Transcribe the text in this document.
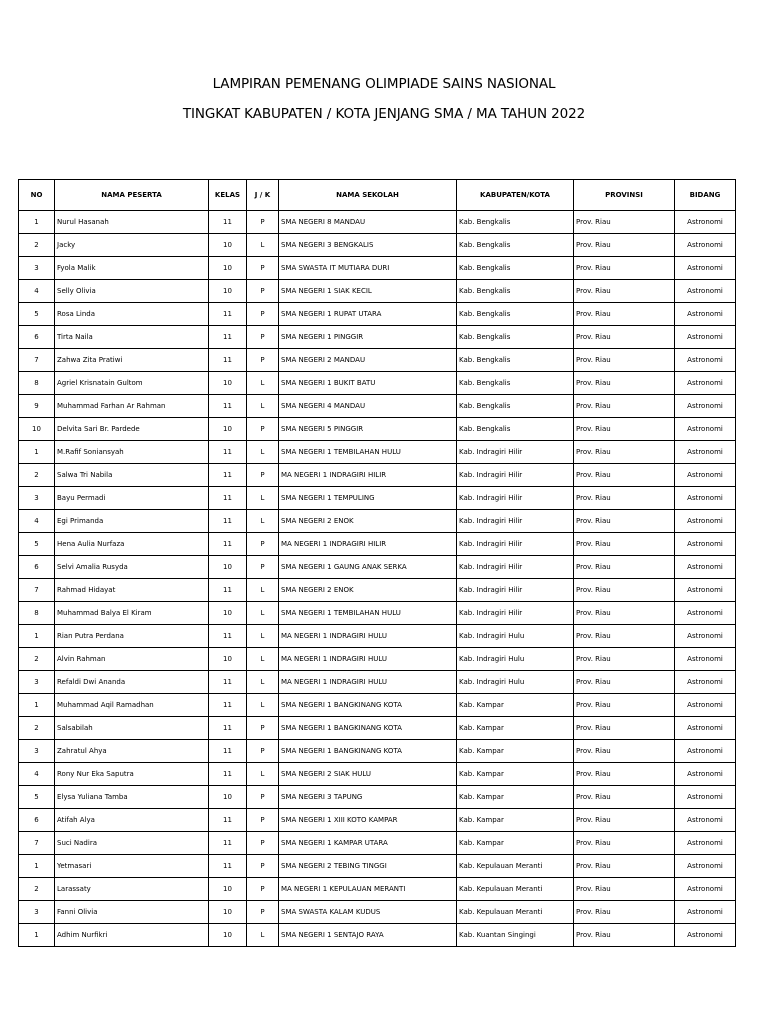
LAMPIRAN PEMENANG OLIMPIADE SAINS NASIONAL
TINGKAT KABUPATEN / KOTA JENJANG SMA / MA TAHUN 2022
NO	NAMA PESERTA	KELAS	J / K	NAMA SEKOLAH	KABUPATEN/KOTA	PROVINSI	BIDANG
1	Nurul Hasanah	11	P	SMA NEGERI 8 MANDAU	Kab. Bengkalis	Prov. Riau	Astronomi
2	Jacky	10	L	SMA NEGERI 3 BENGKALIS	Kab. Bengkalis	Prov. Riau	Astronomi
3	Fyola Malik	10	P	SMA SWASTA IT MUTIARA DURI	Kab. Bengkalis	Prov. Riau	Astronomi
4	Selly Olivia	10	P	SMA NEGERI 1 SIAK KECIL	Kab. Bengkalis	Prov. Riau	Astronomi
5	Rosa Linda	11	P	SMA NEGERI 1 RUPAT UTARA	Kab. Bengkalis	Prov. Riau	Astronomi
6	Tirta Naila	11	P	SMA NEGERI 1 PINGGIR	Kab. Bengkalis	Prov. Riau	Astronomi
7	Zahwa Zita Pratiwi	11	P	SMA NEGERI 2 MANDAU	Kab. Bengkalis	Prov. Riau	Astronomi
8	Agriel Krisnatain Gultom	10	L	SMA NEGERI 1 BUKIT BATU	Kab. Bengkalis	Prov. Riau	Astronomi
9	Muhammad Farhan Ar Rahman	11	L	SMA NEGERI 4 MANDAU	Kab. Bengkalis	Prov. Riau	Astronomi
10	Delvita Sari Br. Pardede	10	P	SMA NEGERI 5 PINGGIR	Kab. Bengkalis	Prov. Riau	Astronomi
1	M.Rafif Soniansyah	11	L	SMA NEGERI 1 TEMBILAHAN HULU	Kab. Indragiri Hilir	Prov. Riau	Astronomi
2	Salwa Tri Nabila	11	P	MA NEGERI 1 INDRAGIRI HILIR	Kab. Indragiri Hilir	Prov. Riau	Astronomi
3	Bayu Permadi	11	L	SMA NEGERI 1 TEMPULING	Kab. Indragiri Hilir	Prov. Riau	Astronomi
4	Egi Primanda	11	L	SMA NEGERI 2 ENOK	Kab. Indragiri Hilir	Prov. Riau	Astronomi
5	Hena Aulia Nurfaza	11	P	MA NEGERI 1 INDRAGIRI HILIR	Kab. Indragiri Hilir	Prov. Riau	Astronomi
6	Selvi Amalia Rusyda	10	P	SMA NEGERI 1 GAUNG ANAK SERKA	Kab. Indragiri Hilir	Prov. Riau	Astronomi
7	Rahmad Hidayat	11	L	SMA NEGERI 2 ENOK	Kab. Indragiri Hilir	Prov. Riau	Astronomi
8	Muhammad Balya El Kiram	10	L	SMA NEGERI 1 TEMBILAHAN HULU	Kab. Indragiri Hilir	Prov. Riau	Astronomi
1	Rian Putra Perdana	11	L	MA NEGERI 1 INDRAGIRI HULU	Kab. Indragiri Hulu	Prov. Riau	Astronomi
2	Alvin Rahman	10	L	MA NEGERI 1 INDRAGIRI HULU	Kab. Indragiri Hulu	Prov. Riau	Astronomi
3	Refaldi Dwi Ananda	11	L	MA NEGERI 1 INDRAGIRI HULU	Kab. Indragiri Hulu	Prov. Riau	Astronomi
1	Muhammad Aqil Ramadhan	11	L	SMA NEGERI 1 BANGKINANG KOTA	Kab. Kampar	Prov. Riau	Astronomi
2	Salsabilah	11	P	SMA NEGERI 1 BANGKINANG KOTA	Kab. Kampar	Prov. Riau	Astronomi
3	Zahratul Ahya	11	P	SMA NEGERI 1 BANGKINANG KOTA	Kab. Kampar	Prov. Riau	Astronomi
4	Rony Nur Eka Saputra	11	L	SMA NEGERI 2 SIAK HULU	Kab. Kampar	Prov. Riau	Astronomi
5	Elysa Yuliana Tamba	10	P	SMA NEGERI 3 TAPUNG	Kab. Kampar	Prov. Riau	Astronomi
6	Atifah Alya	11	P	SMA NEGERI 1 XIII KOTO KAMPAR	Kab. Kampar	Prov. Riau	Astronomi
7	Suci Nadira	11	P	SMA NEGERI 1 KAMPAR UTARA	Kab. Kampar	Prov. Riau	Astronomi
1	Yetmasari	11	P	SMA NEGERI 2 TEBING TINGGI	Kab. Kepulauan Meranti	Prov. Riau	Astronomi
2	Larassaty	10	P	MA NEGERI 1 KEPULAUAN MERANTI	Kab. Kepulauan Meranti	Prov. Riau	Astronomi
3	Fanni Olivia	10	P	SMA SWASTA KALAM KUDUS	Kab. Kepulauan Meranti	Prov. Riau	Astronomi
1	Adhim Nurfikri	10	L	SMA NEGERI 1 SENTAJO RAYA	Kab. Kuantan Singingi	Prov. Riau	Astronomi
